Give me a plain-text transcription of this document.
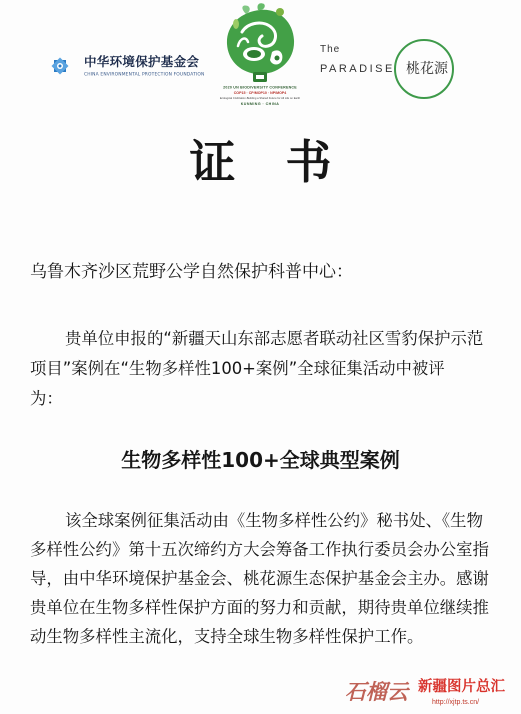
中华环境保护基金会
CHINA ENVIRONMENTAL PROTECTION FOUNDATION
2020 UN BIODIVERSITY CONFERENCE
COP15 · CP/MOP10 · NP/MOP4
Ecological Civilization-Building a Shared Future for All Life on Earth
KUNMING · CHINA
The
PARADISE 桃花源
证 书
乌鲁木齐沙区荒野公学自然保护科普中心：
贵单位申报的“新疆天山东部志愿者联动社区雪豹保护示范
项目”案例在“生物多样性100+案例”全球征集活动中被评
为：
生物多样性100+全球典型案例
该全球案例征集活动由《生物多样性公约》秘书处、《生物
多样性公约》第十五次缔约方大会筹备工作执行委员会办公室指
导，由中华环境保护基金会、桃花源生态保护基金会主办。感谢
贵单位在生物多样性保护方面的努力和贡献，期待贵单位继续推
动生物多样性主流化，支持全球生物多样性保护工作。
石榴云 新疆图片总汇
http://xjtp.ts.cn/
